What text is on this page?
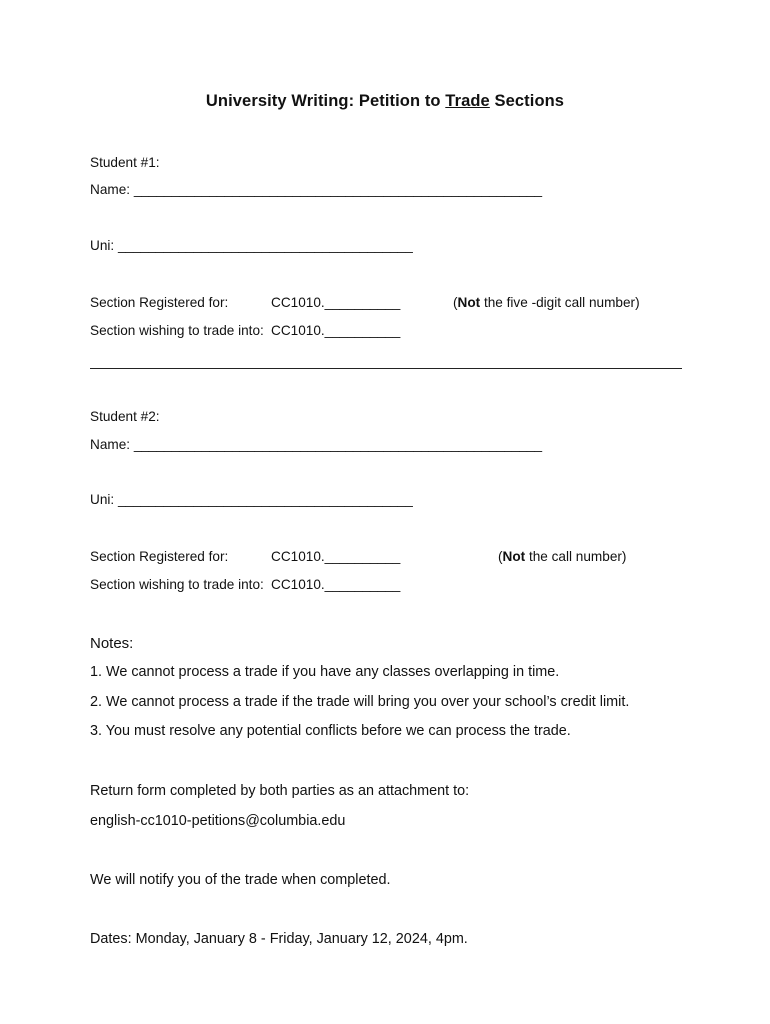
University Writing: Petition to Trade Sections
Student #1:
Name: ______________________________________________________
Uni: _______________________________________
Section Registered for:	CC1010.__________	(Not the five -digit call number)
Section wishing to trade into: CC1010.__________
Student #2:
Name: ______________________________________________________
Uni: _______________________________________
Section Registered for:	CC1010.__________	(Not the call number)
Section wishing to trade into: CC1010.__________
Notes:
1. We cannot process a trade if you have any classes overlapping in time.
2. We cannot process a trade if the trade will bring you over your school’s credit limit.
3. You must resolve any potential conflicts before we can process the trade.
Return form completed by both parties as an attachment to:
english-cc1010-petitions@columbia.edu
We will notify you of the trade when completed.
Dates: Monday, January 8 - Friday, January 12, 2024, 4pm.
